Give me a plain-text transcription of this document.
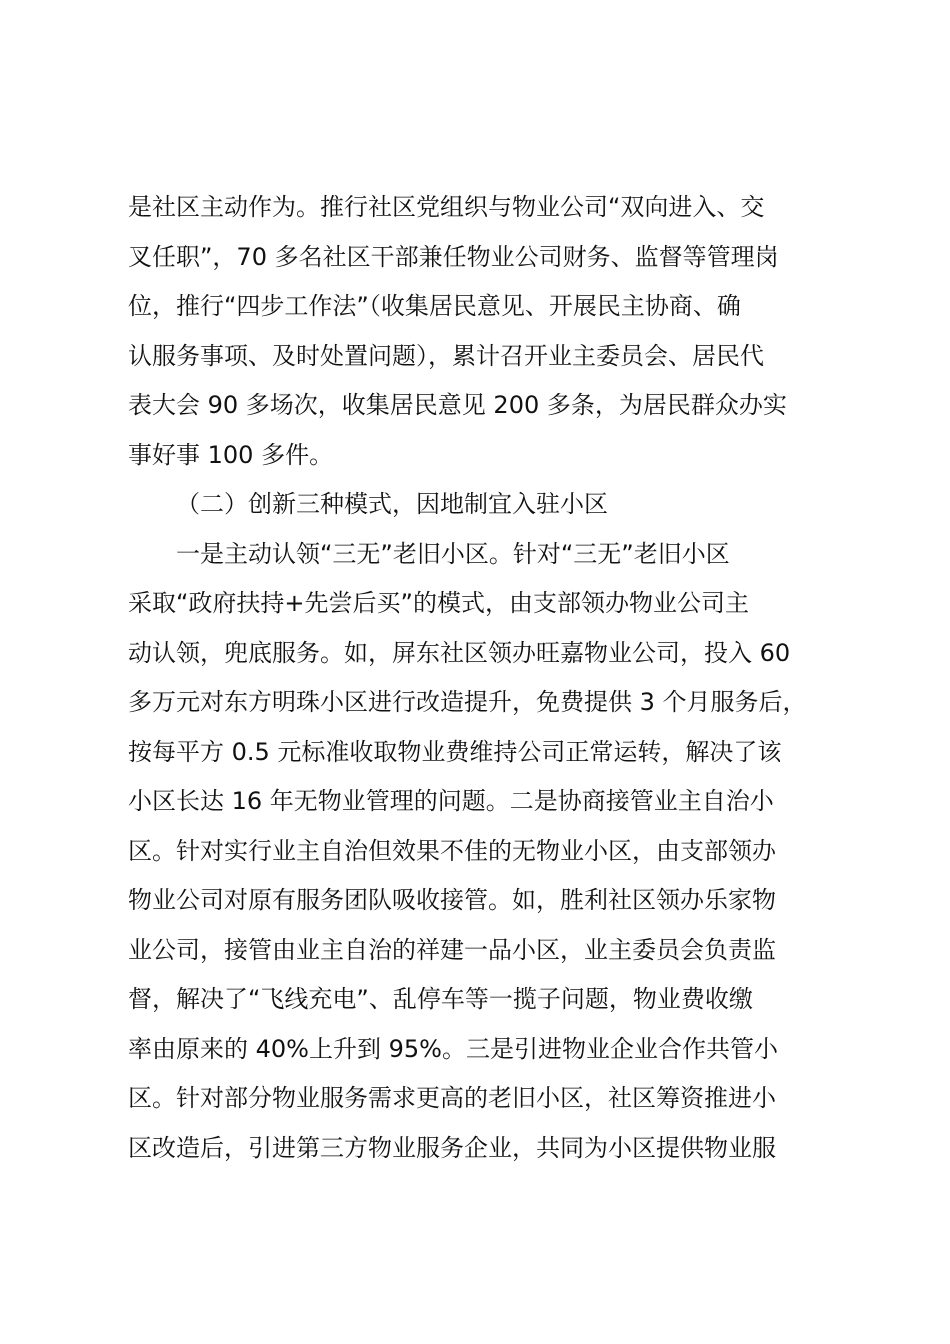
是社区主动作为。推行社区党组织与物业公司“双向进入、交
叉任职”，70 多名社区干部兼任物业公司财务、监督等管理岗
位，推行“四步工作法”（收集居民意见、开展民主协商、确
认服务事项、及时处置问题），累计召开业主委员会、居民代
表大会 90 多场次，收集居民意见 200 多条，为居民群众办实
事好事 100 多件。
（二）创新三种模式，因地制宜入驻小区
一是主动认领“三无”老旧小区。针对“三无”老旧小区
采取“政府扶持+先尝后买”的模式，由支部领办物业公司主
动认领，兜底服务。如，屏东社区领办旺嘉物业公司，投入 60
多万元对东方明珠小区进行改造提升，免费提供 3 个月服务后，
按每平方 0.5 元标准收取物业费维持公司正常运转，解决了该
小区长达 16 年无物业管理的问题。二是协商接管业主自治小
区。针对实行业主自治但效果不佳的无物业小区，由支部领办
物业公司对原有服务团队吸收接管。如，胜利社区领办乐家物
业公司，接管由业主自治的祥建一品小区，业主委员会负责监
督，解决了“飞线充电”、乱停车等一揽子问题，物业费收缴
率由原来的 40%上升到 95%。三是引进物业企业合作共管小
区。针对部分物业服务需求更高的老旧小区，社区筹资推进小
区改造后，引进第三方物业服务企业，共同为小区提供物业服
